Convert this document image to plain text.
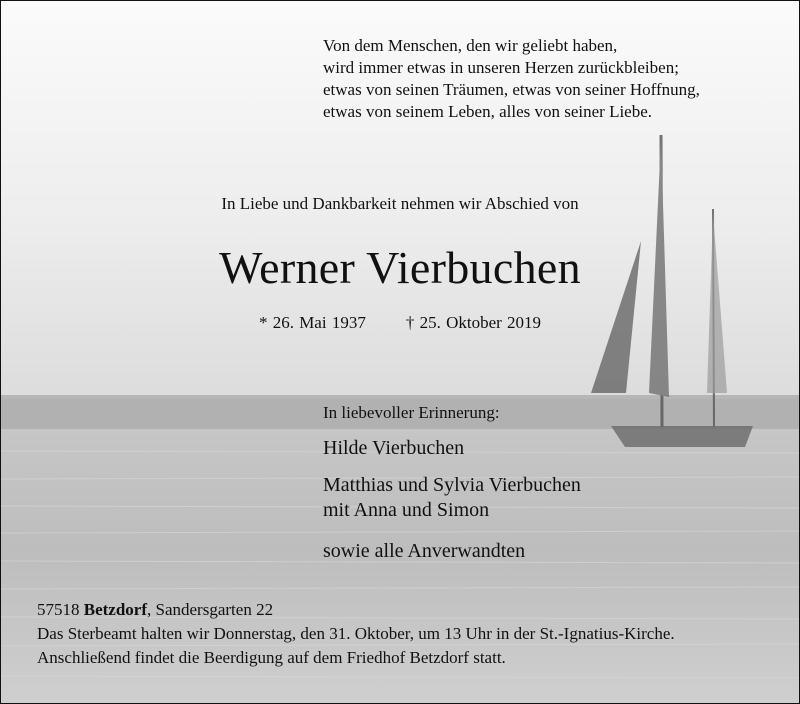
Von dem Menschen, den wir geliebt haben,
wird immer etwas in unseren Herzen zurückbleiben;
etwas von seinen Träumen, etwas von seiner Hoffnung,
etwas von seinem Leben, alles von seiner Liebe.
In Liebe und Dankbarkeit nehmen wir Abschied von
Werner Vierbuchen
* 26. Mai 1937 † 25. Oktober 2019
In liebevoller Erinnerung:
Hilde Vierbuchen
Matthias und Sylvia Vierbuchen
mit Anna und Simon
sowie alle Anverwandten
57518 Betzdorf, Sandersgarten 22
Das Sterbeamt halten wir Donnerstag, den 31. Oktober, um 13 Uhr in der St.-Ignatius-Kirche.
Anschließend findet die Beerdigung auf dem Friedhof Betzdorf statt.
